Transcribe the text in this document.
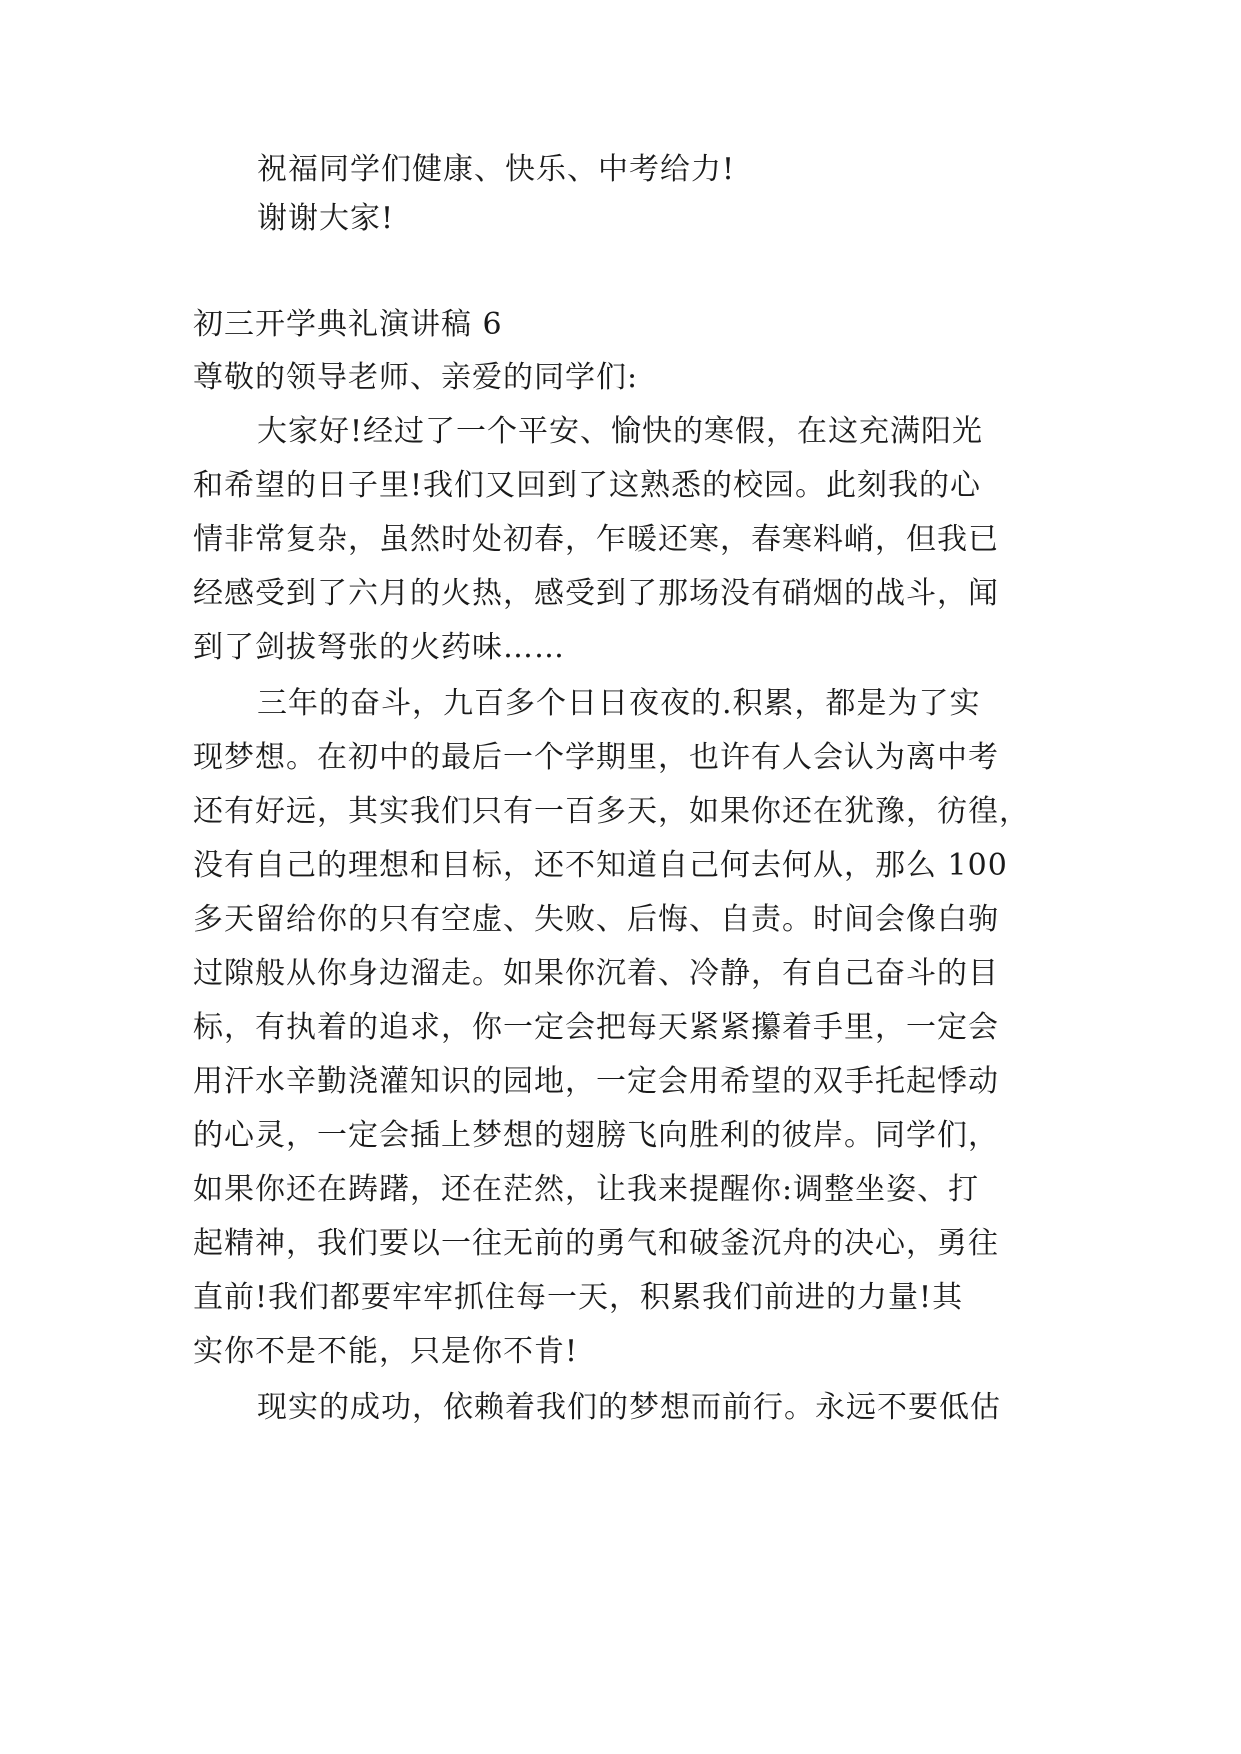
祝福同学们健康、快乐、中考给力!

谢谢大家!

初三开学典礼演讲稿 6

尊敬的领导老师、亲爱的同学们:

大家好!经过了一个平安、愉快的寒假，在这充满阳光

和希望的日子里!我们又回到了这熟悉的校园。此刻我的心

情非常复杂，虽然时处初春，乍暖还寒，春寒料峭，但我已

经感受到了六月的火热，感受到了那场没有硝烟的战斗，闻

到了剑拔弩张的火药味……

三年的奋斗，九百多个日日夜夜的.积累，都是为了实

现梦想。在初中的最后一个学期里，也许有人会认为离中考

还有好远，其实我们只有一百多天，如果你还在犹豫，彷徨，

没有自己的理想和目标，还不知道自己何去何从，那么 100

多天留给你的只有空虚、失败、后悔、自责。时间会像白驹

过隙般从你身边溜走。如果你沉着、冷静，有自己奋斗的目

标，有执着的追求，你一定会把每天紧紧攥着手里，一定会

用汗水辛勤浇灌知识的园地，一定会用希望的双手托起悸动

的心灵，一定会插上梦想的翅膀飞向胜利的彼岸。同学们，

如果你还在踌躇，还在茫然，让我来提醒你:调整坐姿、打

起精神，我们要以一往无前的勇气和破釜沉舟的决心，勇往

直前!我们都要牢牢抓住每一天，积累我们前进的力量!其

实你不是不能，只是你不肯!

现实的成功，依赖着我们的梦想而前行。永远不要低估
